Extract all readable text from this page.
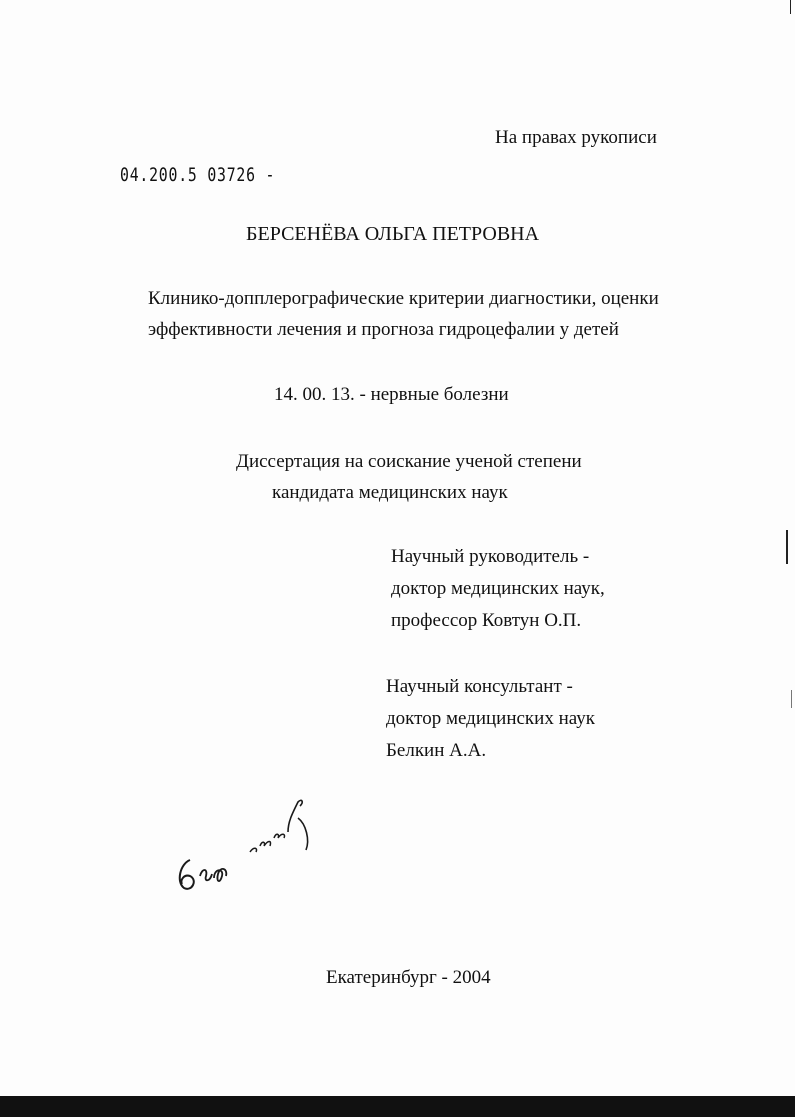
На правах рукописи
04.200.5 03726 -
БЕРСЕНЁВА ОЛЬГА ПЕТРОВНА
Клинико-допплерографические критерии диагностики, оценки
эффективности лечения и прогноза гидроцефалии у детей
14. 00. 13. - нервные болезни
Диссертация на соискание ученой степени
кандидата медицинских наук
Научный руководитель -
доктор медицинских наук,
профессор Ковтун О.П.
Научный консультант -
доктор медицинских наук
Белкин А.А.
6 л
Екатеринбург - 2004
